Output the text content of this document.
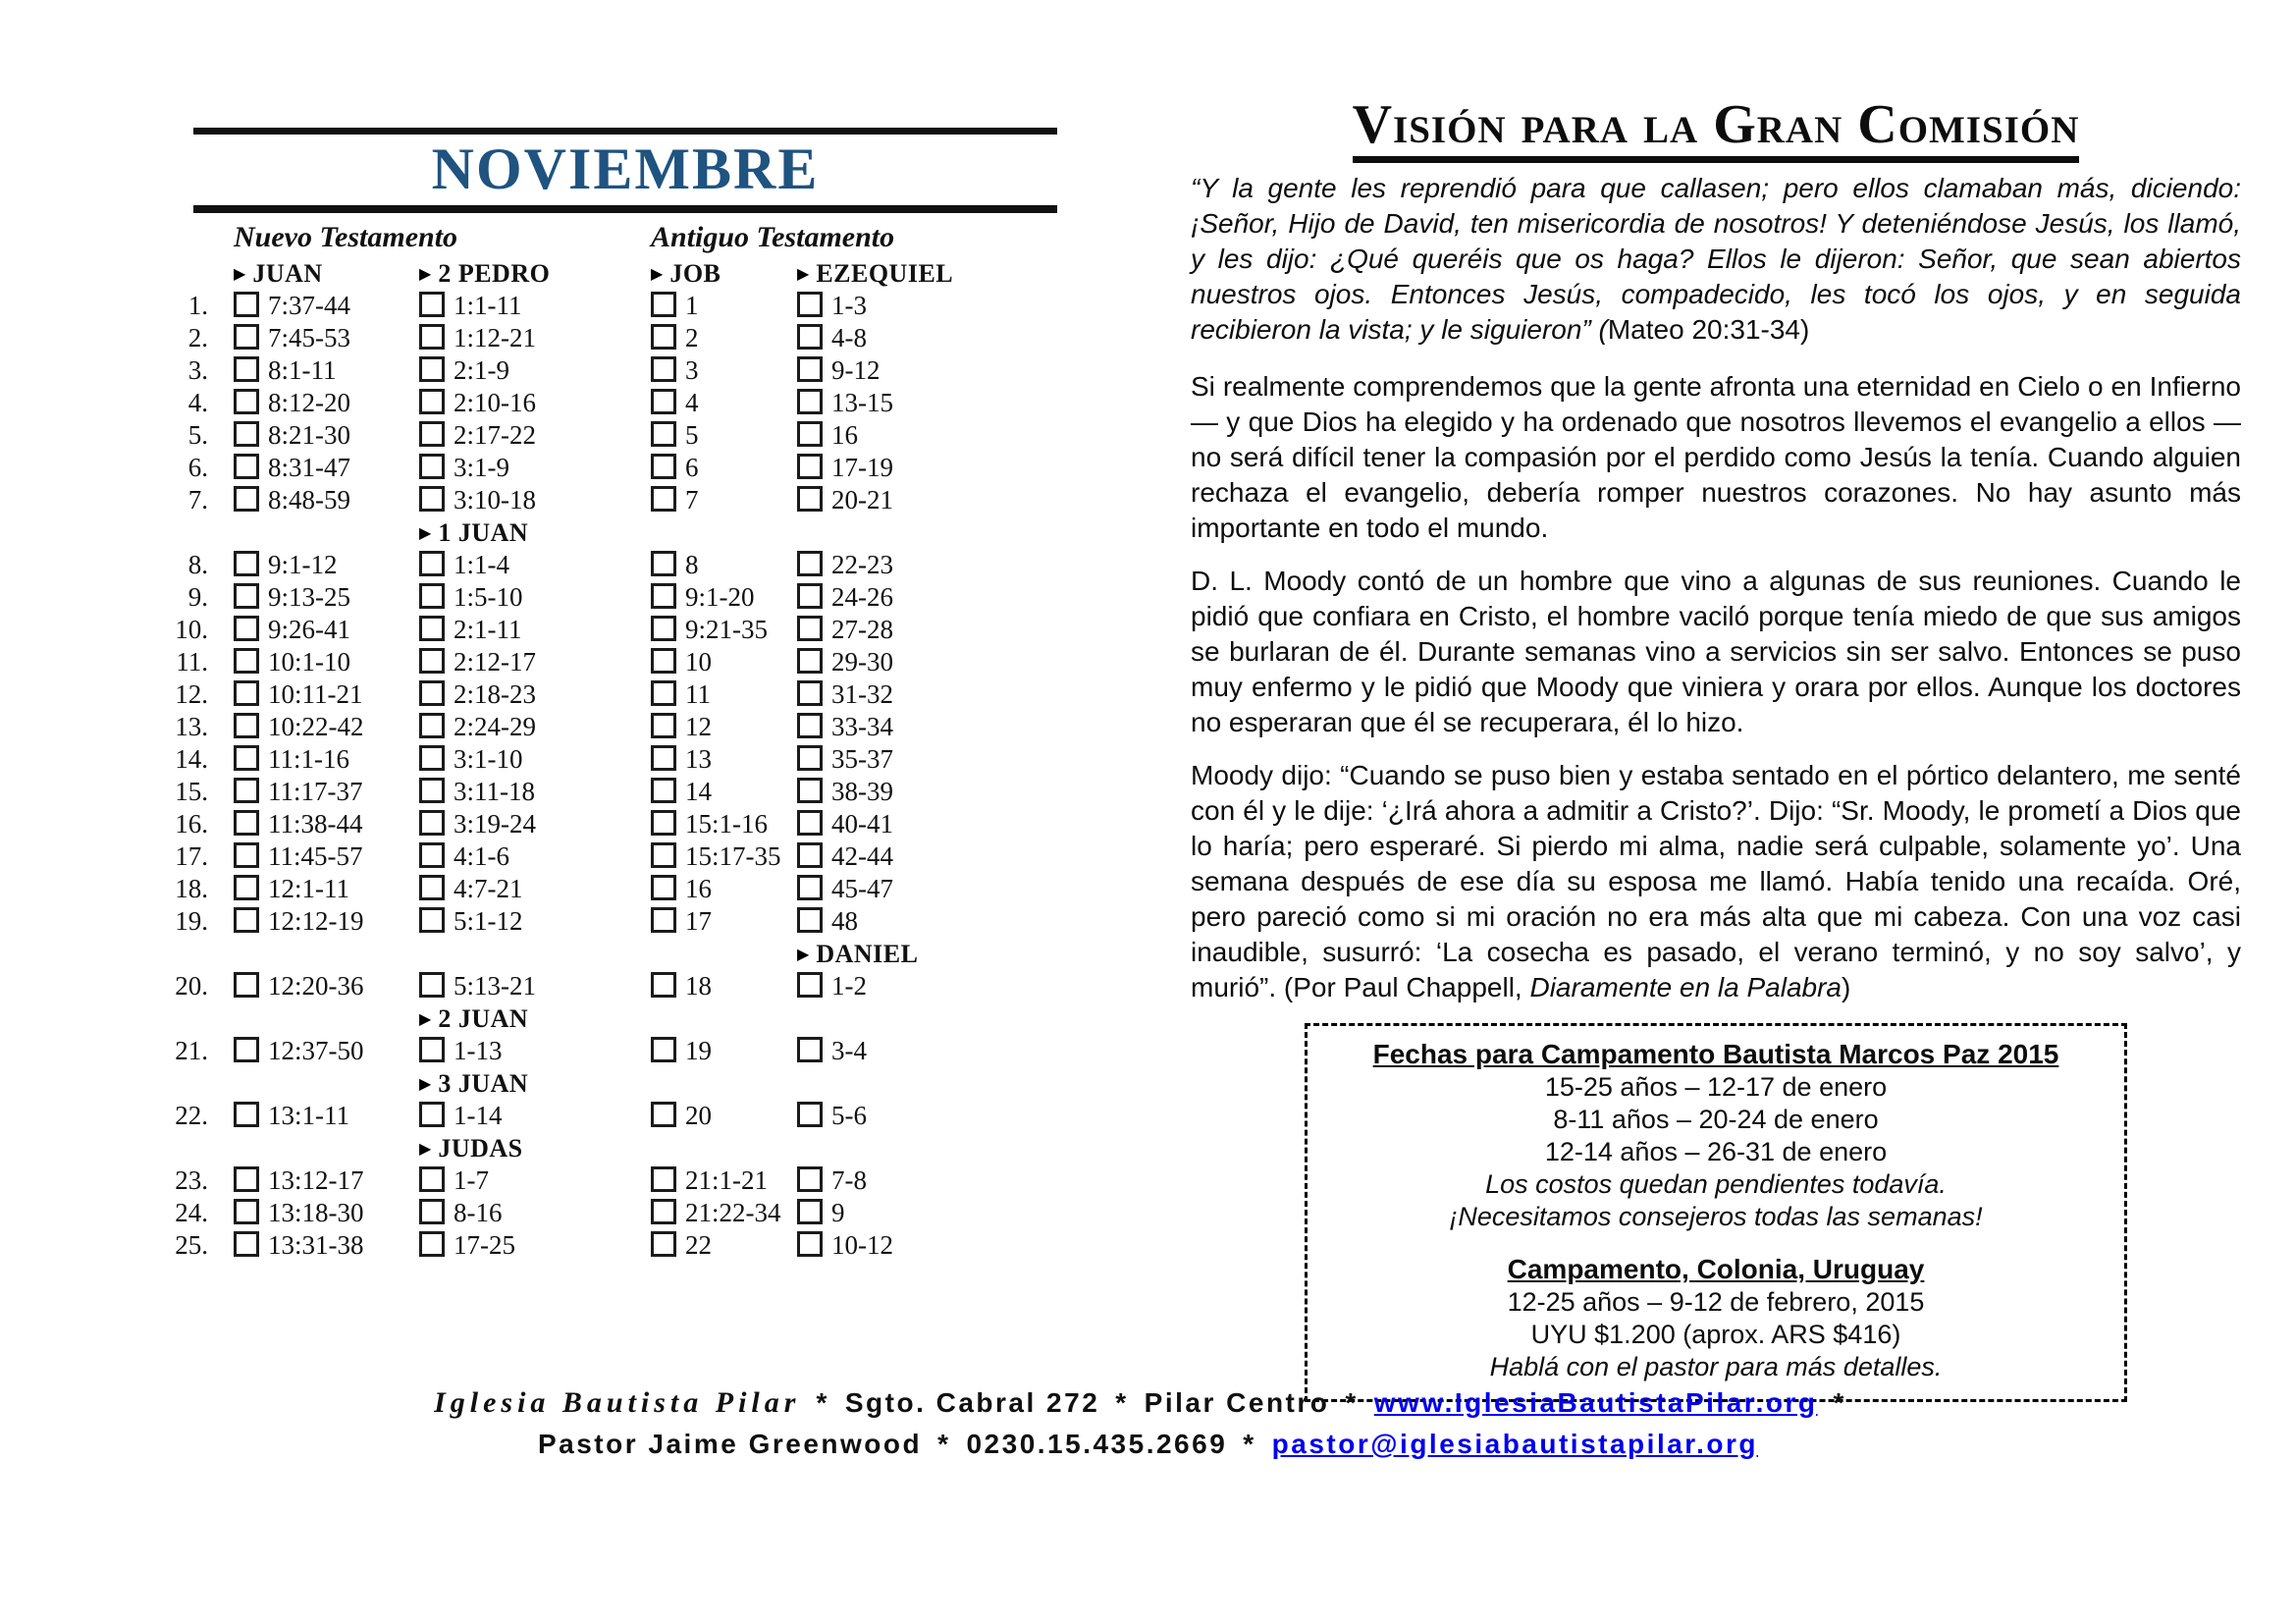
NOVIEMBRE
Nuevo Testamento	Antiguo Testamento
▶ JUAN	▶ 2 PEDRO	▶ JOB	▶ EZEQUIEL
1.	7:37-44	1:1-11	1	1-3
2.	7:45-53	1:12-21	2	4-8
3.	8:1-11	2:1-9	3	9-12
4.	8:12-20	2:10-16	4	13-15
5.	8:21-30	2:17-22	5	16
6.	8:31-47	3:1-9	6	17-19
7.	8:48-59	3:10-18	7	20-21
▶ 1 JUAN
8.	9:1-12	1:1-4	8	22-23
9.	9:13-25	1:5-10	9:1-20	24-26
10.	9:26-41	2:1-11	9:21-35	27-28
11.	10:1-10	2:12-17	10	29-30
12.	10:11-21	2:18-23	11	31-32
13.	10:22-42	2:24-29	12	33-34
14.	11:1-16	3:1-10	13	35-37
15.	11:17-37	3:11-18	14	38-39
16.	11:38-44	3:19-24	15:1-16	40-41
17.	11:45-57	4:1-6	15:17-35	42-44
18.	12:1-11	4:7-21	16	45-47
19.	12:12-19	5:1-12	17	48
▶ DANIEL
20.	12:20-36	5:13-21	18	1-2
▶ 2 JUAN
21.	12:37-50	1-13	19	3-4
▶ 3 JUAN
22.	13:1-11	1-14	20	5-6
▶ JUDAS
23.	13:12-17	1-7	21:1-21	7-8
24.	13:18-30	8-16	21:22-34	9
25.	13:31-38	17-25	22	10-12
Visión para la Gran Comisión

“Y la gente les reprendió para que callasen; pero ellos clamaban más, diciendo: ¡Señor, Hijo de David, ten misericordia de nosotros! Y deteniéndose Jesús, los llamó, y les dijo: ¿Qué queréis que os haga? Ellos le dijeron: Señor, que sean abiertos nuestros ojos. Entonces Jesús, compadecido, les tocó los ojos, y en seguida recibieron la vista; y le siguieron” (Mateo 20:31-34)

Si realmente comprendemos que la gente afronta una eternidad en Cielo o en Infierno — y que Dios ha elegido y ha ordenado que nosotros llevemos el evangelio a ellos — no será difícil tener la compasión por el perdido como Jesús la tenía. Cuando alguien rechaza el evangelio, debería romper nuestros corazones. No hay asunto más importante en todo el mundo.

D. L. Moody contó de un hombre que vino a algunas de sus reuniones. Cuando le pidió que confiara en Cristo, el hombre vaciló porque tenía miedo de que sus amigos se burlaran de él. Durante semanas vino a servicios sin ser salvo. Entonces se puso muy enfermo y le pidió que Moody que viniera y orara por ellos. Aunque los doctores no esperaran que él se recuperara, él lo hizo.

Moody dijo: “Cuando se puso bien y estaba sentado en el pórtico delantero, me senté con él y le dije: ‘¿Irá ahora a admitir a Cristo?’. Dijo: “Sr. Moody, le prometí a Dios que lo haría; pero esperaré. Si pierdo mi alma, nadie será culpable, solamente yo’. Una semana después de ese día su esposa me llamó. Había tenido una recaída. Oré, pero pareció como si mi oración no era más alta que mi cabeza. Con una voz casi inaudible, susurró: ‘La cosecha es pasado, el verano terminó, y no soy salvo’, y murió”. (Por Paul Chappell, Diaramente en la Palabra)

Fechas para Campamento Bautista Marcos Paz 2015
15-25 años – 12-17 de enero
8-11 años – 20-24 de enero
12-14 años – 26-31 de enero
Los costos quedan pendientes todavía.
¡Necesitamos consejeros todas las semanas!
Campamento, Colonia, Uruguay
12-25 años – 9-12 de febrero, 2015
UYU $1.200 (aprox. ARS $416)
Hablá con el pastor para más detalles.
Iglesia Bautista Pilar * Sgto. Cabral 272 * Pilar Centro * www.IglesiaBautistaPilar.org *
Pastor Jaime Greenwood * 0230.15.435.2669 * pastor@iglesiabautistapilar.org
